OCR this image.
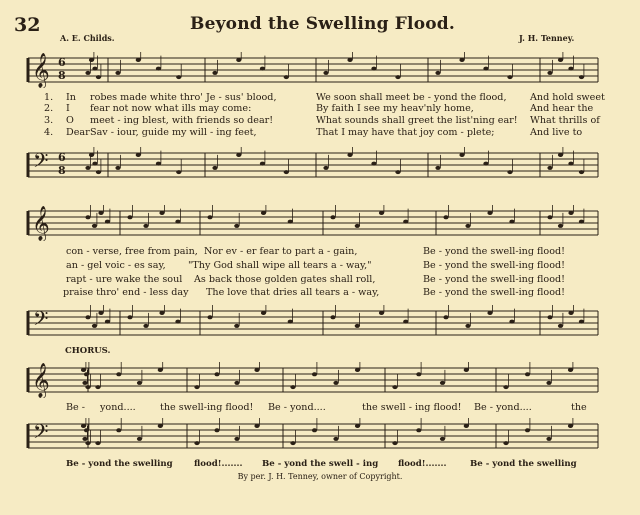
32	Beyond the Swelling Flood.
A. E. Childs.	J. H. Tenney.
𝄞 6
8
1. In robes made white thro' Je - sus' blood,	We soon shall meet be - yond the flood, And hold sweet
2. I fear not now what ills may come:	By faith I see my heav'nly home,	And hear the
3. O meet - ing blest, with friends so dear!	What sounds shall greet the list'ning ear! What thrills of
4. Dear Sav - iour, guide my will - ing feet,	That I may have that joy com - plete;	And live to
𝄢 6
8
𝄞
con - verse, free from pain, Nor ev - er fear to part a - gain,	Be - yond the swell-ing flood!
an - gel voic - es say, "Thy God shall wipe all tears a - way,"	Be - yond the swell-ing flood!
rapt - ure wake the soul As back those golden gates shall roll,	Be - yond the swell-ing flood!
praise thro' end - less day The love that dries all tears a - way,	Be - yond the swell-ing flood!
𝄢
CHORUS.
𝄞
Be - yond....	the swell-ing flood! Be - yond....	the swell - ing flood! Be - yond....	the
𝄢
Be - yond the swelling flood!....... Be - yond the swell - ing flood!.......	Be - yond the swelling
By per. J. H. Tenney, owner of Copyright.
